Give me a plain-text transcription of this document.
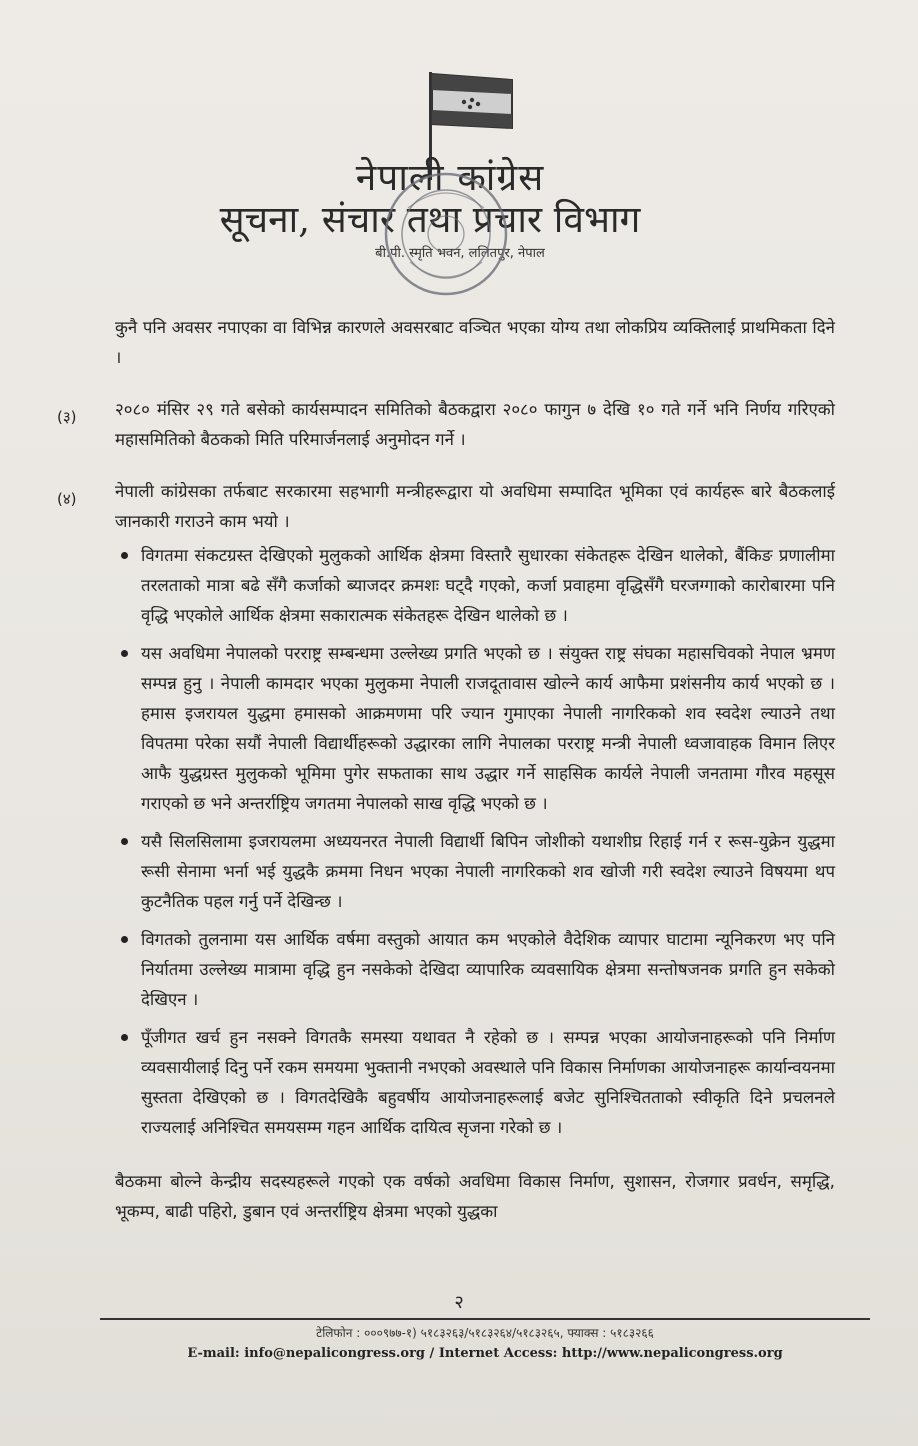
नेपाली कांग्रेस
सूचना, संचार तथा प्रचार विभाग
बी.पी. स्मृति भवन, ललितपुर, नेपाल

कुनै पनि अवसर नपाएका वा विभिन्न कारणले अवसरबाट वञ्चित भएका योग्य तथा लोकप्रिय व्यक्तिलाई प्राथमिकता दिने ।

(३) २०८० मंसिर २९ गते बसेको कार्यसम्पादन समितिको बैठकद्वारा २०८० फागुन ७ देखि १० गते गर्ने भनि निर्णय गरिएको महासमितिको बैठकको मिति परिमार्जनलाई अनुमोदन गर्ने ।

(४) नेपाली कांग्रेसका तर्फबाट सरकारमा सहभागी मन्त्रीहरूद्वारा यो अवधिमा सम्पादित भूमिका एवं कार्यहरू बारे बैठकलाई जानकारी गराउने काम भयो ।

विगतमा संकटग्रस्त देखिएको मुलुकको आर्थिक क्षेत्रमा विस्तारै सुधारका संकेतहरू देखिन थालेको, बैंकिङ प्रणालीमा तरलताको मात्रा बढे सँगै कर्जाको ब्याजदर क्रमशः घट्दै गएको, कर्जा प्रवाहमा वृद्धिसँगै घरजग्गाको कारोबारमा पनि वृद्धि भएकोले आर्थिक क्षेत्रमा सकारात्मक संकेतहरू देखिन थालेको छ ।
यस अवधिमा नेपालको परराष्ट्र सम्बन्धमा उल्लेख्य प्रगति भएको छ । संयुक्त राष्ट्र संघका महासचिवको नेपाल भ्रमण सम्पन्न हुनु । नेपाली कामदार भएका मुलुकमा नेपाली राजदूतावास खोल्ने कार्य आफैमा प्रशंसनीय कार्य भएको छ । हमास इजरायल युद्धमा हमासको आक्रमणमा परि ज्यान गुमाएका नेपाली नागरिकको शव स्वदेश ल्याउने तथा विपतमा परेका सयौं नेपाली विद्यार्थीहरूको उद्धारका लागि नेपालका परराष्ट्र मन्त्री नेपाली ध्वजावाहक विमान लिएर आफै युद्धग्रस्त मुलुकको भूमिमा पुगेर सफताका साथ उद्धार गर्ने साहसिक कार्यले नेपाली जनतामा गौरव महसूस गराएको छ भने अन्तर्राष्ट्रिय जगतमा नेपालको साख वृद्धि भएको छ ।
यसै सिलसिलामा इजरायलमा अध्ययनरत नेपाली विद्यार्थी बिपिन जोशीको यथाशीघ्र रिहाई गर्न र रूस-युक्रेन युद्धमा रूसी सेनामा भर्ना भई युद्धकै क्रममा निधन भएका नेपाली नागरिकको शव खोजी गरी स्वदेश ल्याउने विषयमा थप कुटनैतिक पहल गर्नु पर्ने देखिन्छ ।
विगतको तुलनामा यस आर्थिक वर्षमा वस्तुको आयात कम भएकोले वैदेशिक व्यापार घाटामा न्यूनिकरण भए पनि निर्यातमा उल्लेख्य मात्रामा वृद्धि हुन नसकेको देखिदा व्यापारिक व्यवसायिक क्षेत्रमा सन्तोषजनक प्रगति हुन सकेको देखिएन ।
पूँजीगत खर्च हुन नसक्ने विगतकै समस्या यथावत नै रहेको छ । सम्पन्न भएका आयोजनाहरूको पनि निर्माण व्यवसायीलाई दिनु पर्ने रकम समयमा भुक्तानी नभएको अवस्थाले पनि विकास निर्माणका आयोजनाहरू कार्यान्वयनमा सुस्तता देखिएको छ । विगतदेखिकै बहुवर्षीय आयोजनाहरूलाई बजेट सुनिश्चितताको स्वीकृति दिने प्रचलनले राज्यलाई अनिश्चित समयसम्म गहन आर्थिक दायित्व सृजना गरेको छ ।

बैठकमा बोल्ने केन्द्रीय सदस्यहरूले गएको एक वर्षको अवधिमा विकास निर्माण, सुशासन, रोजगार प्रवर्धन, समृद्धि, भूकम्प, बाढी पहिरो, डुबान एवं अन्तर्राष्ट्रिय क्षेत्रमा भएको युद्धका

२
टेलिफोन : ०००९७७-१) ५१८३२६३/५१८३२६४/५१८३२६५, फ्याक्स : ५१८३२६६
E-mail: info@nepalicongress.org / Internet Access: http://www.nepalicongress.org
